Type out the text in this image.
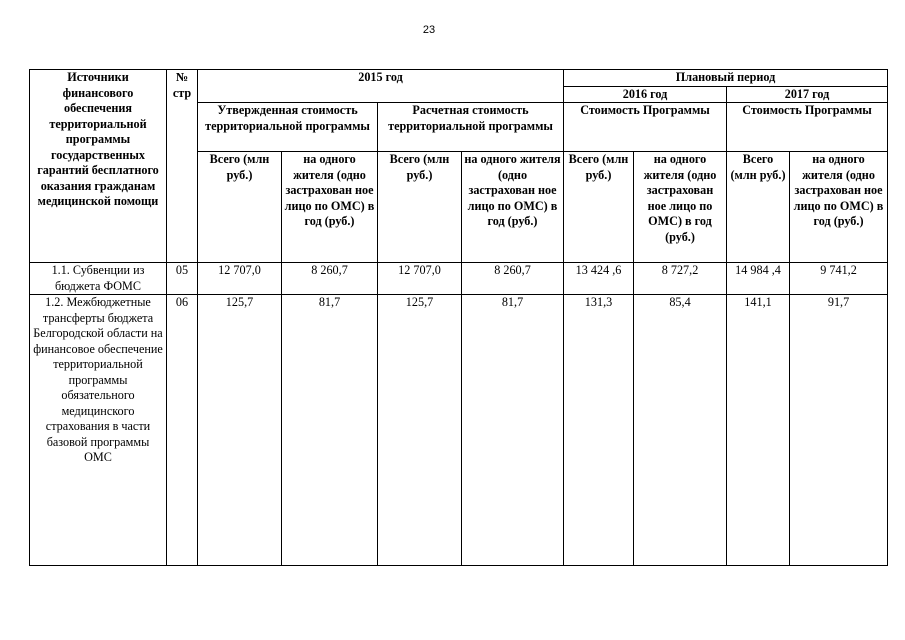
23
Источники финансового обеспечения территориальной программы государственных гарантий бесплатного оказания гражданам медицинской помощи	№ стр	2015 год				Плановый период			
						2016 год		2017 год	
		Утвержденная стоимость территориальной программы		Расчетная стоимость территориальной программы		Стоимость Программы		Стоимость Программы	
		Всего (млн руб.)	на одного жителя (одно застрахован ное лицо по ОМС) в год (руб.)	Всего (млн руб.)	на одного жителя (одно застрахован ное лицо по ОМС) в год (руб.)	Всего (млн руб.)	на одного жителя (одно застрахован ное лицо по ОМС) в год (руб.)	Всего (млн руб.)	на одного жителя (одно застрахован ное лицо по ОМС) в год (руб.)
1.1. Субвенции из бюджета ФОМС	05	12 707,0	8 260,7	12 707,0	8 260,7	13 424 ,6	8 727,2	14 984 ,4	9 741,2
1.2. Межбюджетные трансферты бюджета Белгородской области на финансовое обеспечение территориальной программы обязательного медицинского страхования в части базовой программы ОМС	06	125,7	81,7	125,7	81,7	131,3	85,4	141,1	91,7
